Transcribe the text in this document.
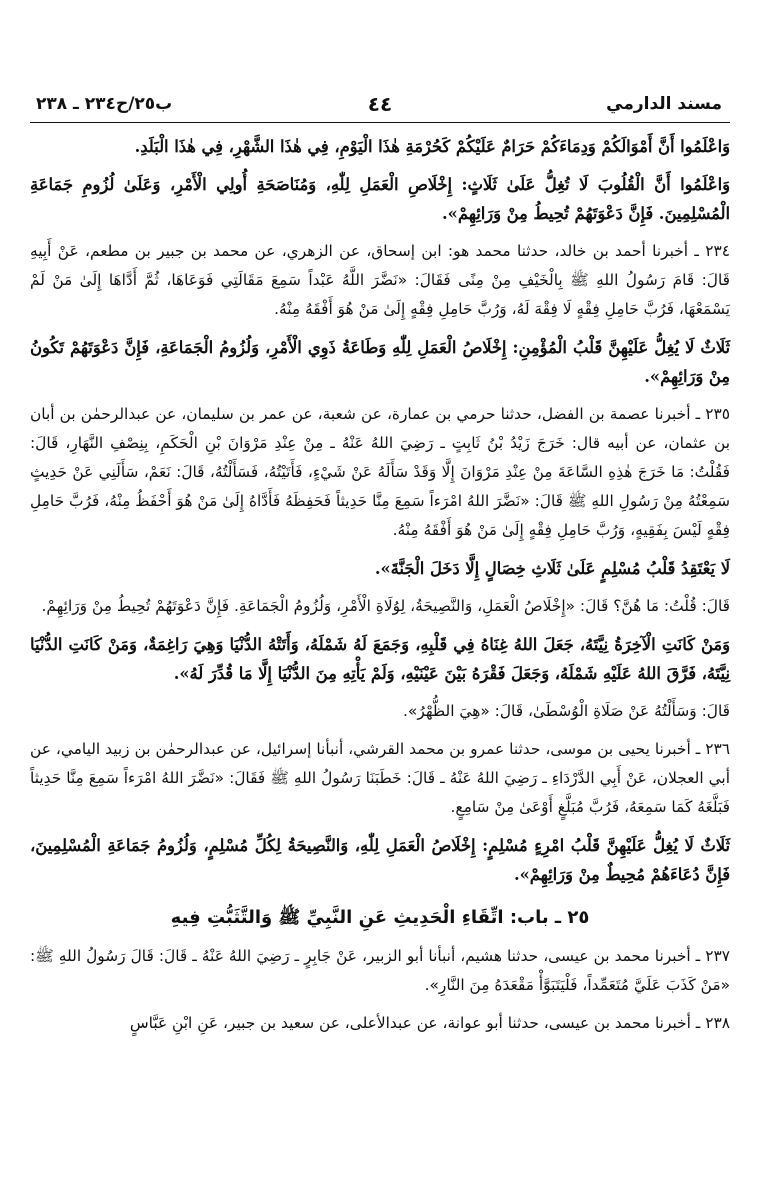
مسند الدارمي
٤٤
ب٢٥/ح٢٣٤ ـ ٢٣٨

وَاعْلَمُوا أَنَّ أَمْوَالَكُمْ وَدِمَاءَكُمْ حَرَامٌ عَلَيْكُمْ كَحُرْمَةِ هٰذَا الْيَوْمِ، فِي هٰذَا الشَّهْرِ، فِي هٰذَا الْبَلَدِ.

وَاعْلَمُوا أَنَّ الْقُلُوبَ لَا تُغِلُّ عَلَىٰ ثَلَاثٍ: إِخْلَاصِ الْعَمَلِ لِلّٰهِ، وَمُنَاصَحَةِ أُولِي الْأَمْرِ، وَعَلَىٰ لُزُومِ جَمَاعَةِ الْمُسْلِمِينَ. فَإِنَّ دَعْوَتَهُمْ تُحِيطُ مِنْ وَرَائِهِمْ».

٢٣٤ ـ أخبرنا أحمد بن خالد، حدثنا محمد هو: ابن إسحاق، عن الزهري، عن محمد بن جبير بن مطعم، عَنْ أَبِيهِ قَالَ: قَامَ رَسُولُ اللهِ ﷺ بِالْخَيْفِ مِنْ مِنًى فَقَالَ: «نَضَّرَ اللَّهُ عَبْداً سَمِعَ مَقَالَتِي فَوَعَاهَا، ثُمَّ أَدَّاهَا إِلَىٰ مَنْ لَمْ يَسْمَعْهَا، فَرُبَّ حَامِلِ فِقْهٍ لَا فِقْهَ لَهُ، وَرُبَّ حَامِلِ فِقْهٍ إِلَىٰ مَنْ هُوَ أَفْقَهُ مِنْهُ.

ثَلَاثٌ لَا يُغِلُّ عَلَيْهِنَّ قَلْبُ الْمُؤْمِنِ: إِخْلَاصُ الْعَمَلِ لِلّٰهِ وَطَاعَةُ ذَوِي الْأَمْرِ، وَلُزُومُ الْجَمَاعَةِ، فَإِنَّ دَعْوَتَهُمْ تَكُونُ مِنْ وَرَائِهِمْ».

٢٣٥ ـ أخبرنا عصمة بن الفضل، حدثنا حرمي بن عمارة، عن شعبة، عن عمر بن سليمان، عن عبدالرحمٰن بن أبان بن عثمان، عن أبيه قال: خَرَجَ زَيْدُ بْنُ ثَابِتٍ ـ رَضِيَ اللهُ عَنْهُ ـ مِنْ عِنْدِ مَرْوَانَ بْنِ الْحَكَمِ، بِنِصْفِ النَّهَارِ، قَالَ: فَقُلْتُ: مَا خَرَجَ هٰذِهِ السَّاعَةَ مِنْ عِنْدِ مَرْوَانَ إِلَّا وَقَدْ سَأَلَهُ عَنْ شَيْءٍ، فَأَتَيْتُهُ، فَسَأَلْتُهُ، قَالَ: نَعَمْ، سَأَلَنِي عَنْ حَدِيثٍ سَمِعْتُهُ مِنْ رَسُولِ اللهِ ﷺ قَالَ: «نَضَّرَ اللهُ امْرَءاً سَمِعَ مِنَّا حَدِيثاً فَحَفِظَهُ فَأَدَّاهُ إِلَىٰ مَنْ هُوَ أَحْفَظُ مِنْهُ، فَرُبَّ حَامِلِ فِقْهٍ لَيْسَ بِفَقِيهٍ، وَرُبَّ حَامِلِ فِقْهٍ إِلَىٰ مَنْ هُوَ أَفْقَهُ مِنْهُ.

لَا يَعْتَقِدُ قَلْبُ مُسْلِمٍ عَلَىٰ ثَلَاثِ خِصَالٍ إِلَّا دَخَلَ الْجَنَّةَ».

قَالَ: قُلْتُ: مَا هُنَّ؟ قَالَ: «إِخْلَاصُ الْعَمَلِ، وَالنَّصِيحَةُ، لِوُلَاةِ الْأَمْرِ، وَلُزُومُ الْجَمَاعَةِ. فَإِنَّ دَعْوَتَهُمْ تُحِيطُ مِنْ وَرَائِهِمْ.

وَمَنْ كَانَتِ الْآخِرَةُ نِيَّتَهُ، جَعَلَ اللهُ غِنَاهُ فِي قَلْبِهِ، وَجَمَعَ لَهُ شَمْلَهُ، وَأَتَتْهُ الدُّنْيَا وَهِيَ رَاغِمَةٌ، وَمَنْ كَانَتِ الدُّنْيَا نِيَّتَهُ، فَرَّقَ اللهُ عَلَيْهِ شَمْلَهُ، وَجَعَلَ فَقْرَهُ بَيْنَ عَيْنَيْهِ، وَلَمْ يَأْتِهِ مِنَ الدُّنْيَا إِلَّا مَا قُدِّرَ لَهُ».

قَالَ: وَسَأَلْتُهُ عَنْ صَلَاةِ الْوُسْطَىٰ، قَالَ: «هِيَ الظُّهْرُ».

٢٣٦ ـ أخبرنا يحيى بن موسى، حدثنا عمرو بن محمد القرشي، أنبأنا إسرائيل، عن عبدالرحمٰن بن زبيد اليامي، عن أبي العجلان، عَنْ أَبِي الدَّرْدَاءِ ـ رَضِيَ اللهُ عَنْهُ ـ قَالَ: خَطَبَنَا رَسُولُ اللهِ ﷺ فَقَالَ: «نَضَّرَ اللهُ امْرَءاً سَمِعَ مِنَّا حَدِيثاً فَبَلَّغَهُ كَمَا سَمِعَهُ، فَرُبَّ مُبَلَّغٍ أَوْعَىٰ مِنْ سَامِعٍ.

ثَلَاثٌ لَا يُغِلُّ عَلَيْهِنَّ قَلْبُ امْرِءٍ مُسْلِمٍ: إِخْلَاصُ الْعَمَلِ لِلّٰهِ، وَالنَّصِيحَةُ لِكُلِّ مُسْلِمٍ، وَلُزُومُ جَمَاعَةِ الْمُسْلِمِينَ، فَإِنَّ دُعَاءَهُمْ مُحِيطٌ مِنْ وَرَائِهِمْ».

٢٥ ـ باب: اتِّقَاءِ الْحَدِيثِ عَنِ النَّبِيِّ ﷺ وَالتَّثَبُّتِ فِيهِ

٢٣٧ ـ أخبرنا محمد بن عيسى، حدثنا هشيم، أنبأنا أبو الزبير، عَنْ جَابِرٍ ـ رَضِيَ اللهُ عَنْهُ ـ قَالَ: قَالَ رَسُولُ اللهِ ﷺ: «مَنْ كَذَبَ عَلَيَّ مُتَعَمِّداً، فَلْيَتَبَوَّأْ مَقْعَدَهُ مِنَ النَّارِ».

٢٣٨ ـ أخبرنا محمد بن عيسى، حدثنا أبو عوانة، عن عبدالأعلى، عن سعيد بن جبير، عَنِ ابْنِ عَبَّاسٍ
